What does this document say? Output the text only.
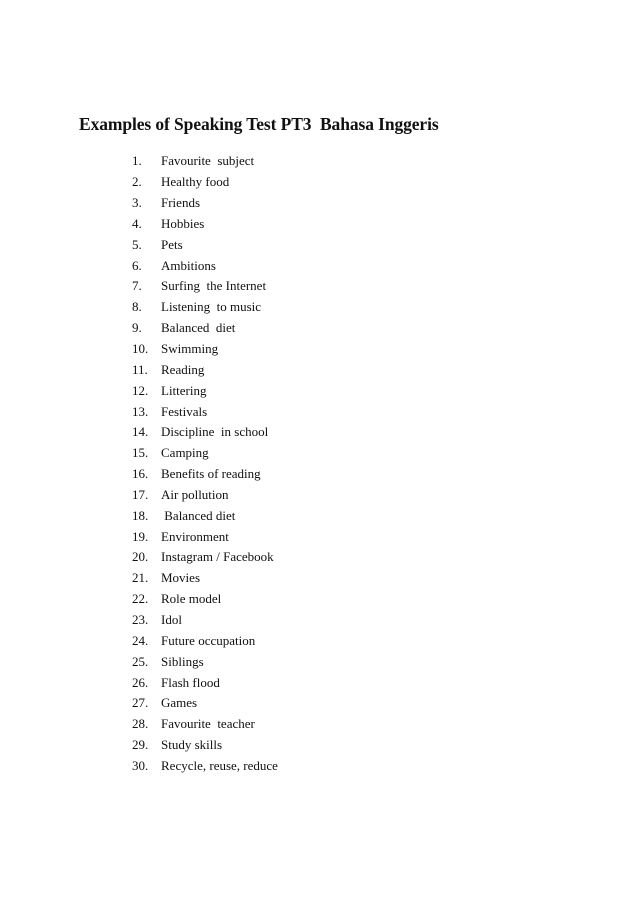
Examples of Speaking Test PT3  Bahasa Inggeris
1.	Favourite  subject
2.	Healthy food
3.	Friends
4.	Hobbies
5.	Pets
6.	Ambitions
7.	Surfing  the Internet
8.	Listening  to music
9.	Balanced  diet
10. Swimming
11.	Reading
12. Littering
13. Festivals
14. Discipline  in school
15. Camping
16. Benefits of reading
17. Air pollution
18. Balanced diet
19. Environment
20. Instagram / Facebook
21. Movies
22. Role model
23. Idol
24. Future occupation
25. Siblings
26. Flash flood
27. Games
28. Favourite  teacher
29. Study skills
30. Recycle, reuse, reduce
